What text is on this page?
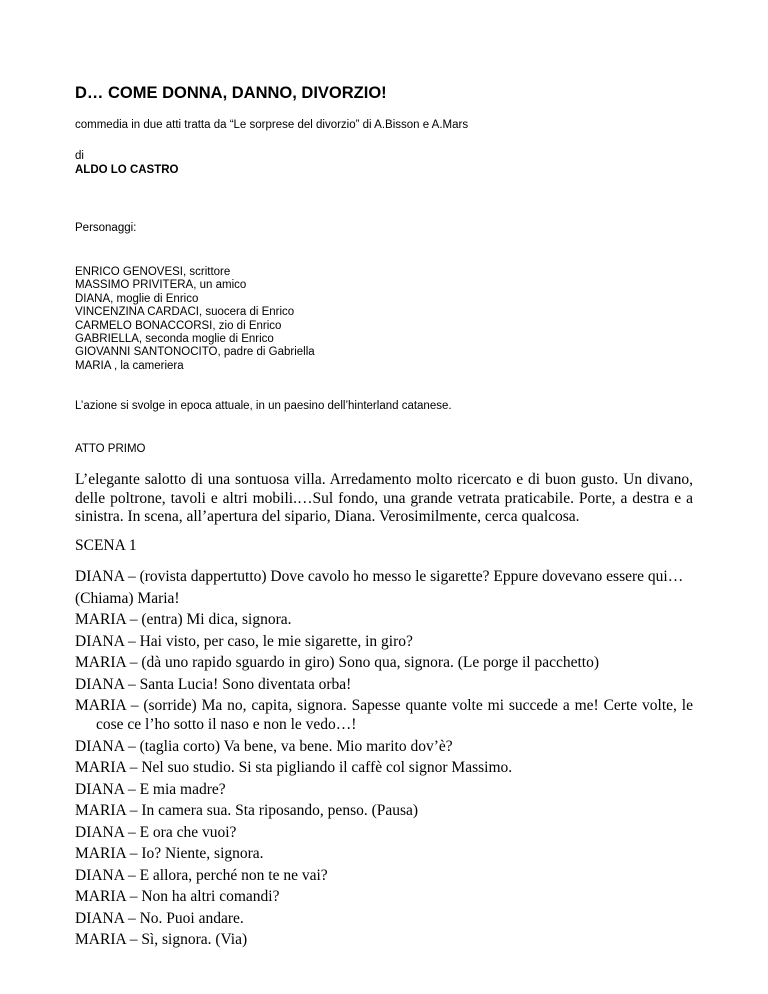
D… COME DONNA, DANNO, DIVORZIO!
commedia in due atti tratta da “Le sorprese del divorzio” di A.Bisson e A.Mars
di
ALDO LO CASTRO
Personaggi:
ENRICO GENOVESI, scrittore
MASSIMO PRIVITERA, un amico
DIANA, moglie di Enrico
VINCENZINA CARDACI, suocera di Enrico
CARMELO BONACCORSI, zio di Enrico
GABRIELLA, seconda moglie di Enrico
GIOVANNI SANTONOCITO, padre di Gabriella
MARIA , la cameriera
L’azione si svolge in epoca attuale, in un paesino dell’hinterland catanese.
ATTO PRIMO

L’elegante salotto di una sontuosa villa. Arredamento molto ricercato e di buon gusto. Un divano, delle poltrone, tavoli e altri mobili.…Sul fondo, una grande vetrata praticabile. Porte, a destra e a sinistra. In scena, all’apertura del sipario, Diana. Verosimilmente, cerca qualcosa.

SCENA 1
DIANA – (rovista dappertutto) Dove cavolo ho messo le sigarette? Eppure dovevano essere qui…
(Chiama) Maria!
MARIA – (entra) Mi dica, signora.
DIANA – Hai visto, per caso, le mie sigarette, in giro?
MARIA – (dà uno rapido sguardo in giro) Sono qua, signora. (Le porge il pacchetto)
DIANA – Santa Lucia! Sono diventata orba!
MARIA – (sorride) Ma no, capita, signora. Sapesse quante volte mi succede a me! Certe volte, le cose ce l’ho sotto il naso e non le vedo…!
DIANA – (taglia corto) Va bene, va bene. Mio marito dov’è?
MARIA – Nel suo studio. Si sta pigliando il caffè col signor Massimo.
DIANA – E mia madre?
MARIA – In camera sua. Sta riposando, penso. (Pausa)
DIANA – E ora che vuoi?
MARIA – Io? Niente, signora.
DIANA – E allora, perché non te ne vai?
MARIA – Non ha altri comandi?
DIANA – No. Puoi andare.
MARIA – Sì, signora. (Via)
